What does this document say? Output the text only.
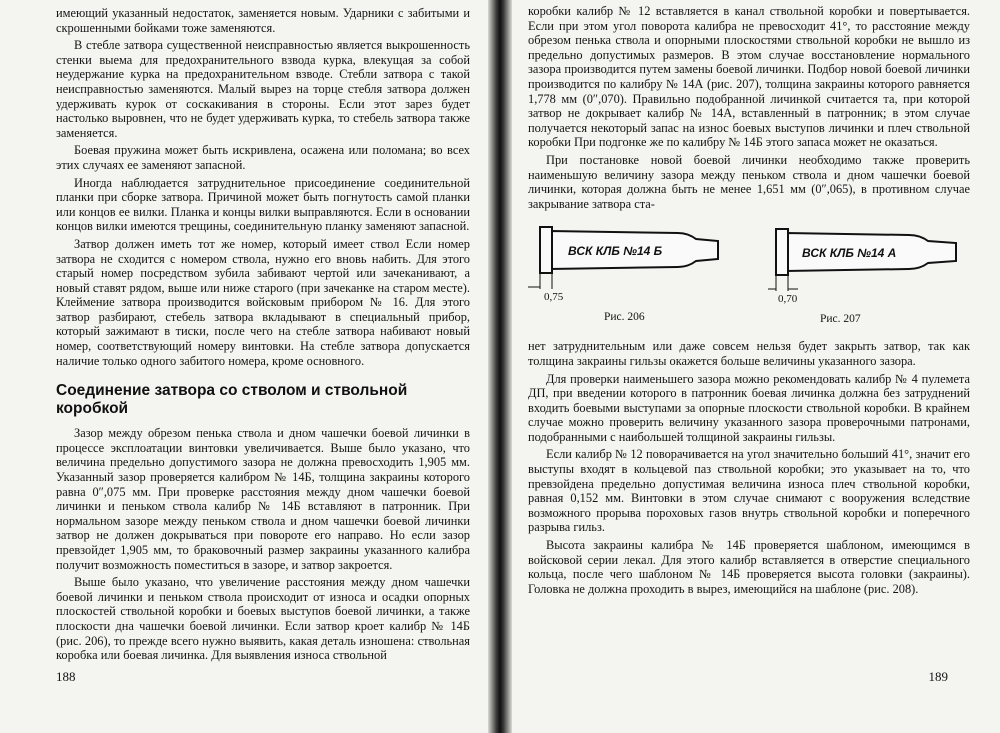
имеющий указанный недостаток, заменяется новым. Ударники с забитыми и скрошенными бойками тоже заменяются.

В стебле затвора существенной неисправностью является выкрошенность стенки выема для предохранительного взвода курка, влекущая за собой неудержание курка на предохранительном взводе. Стебли затвора с такой неисправностью заменяются. Малый вырез на торце стебля затвора должен удерживать курок от соскакивания в стороны. Если этот зарез будет настолько выровнен, что не будет удерживать курка, то стебель затвора также заменяется.

Боевая пружина может быть искривлена, осажена или поломана; во всех этих случаях ее заменяют запасной.

Иногда наблюдается затруднительное присоединение соединительной планки при сборке затвора. Причиной может быть погнутость самой планки или концов ее вилки. Планка и концы вилки выправляются. Если в основании концов вилки имеются трещины, соединительную планку заменяют запасной.

Затвор должен иметь тот же номер, который имеет ствол Если номер затвора не сходится с номером ствола, нужно его вновь набить. Для этого старый номер посредством зубила забивают чертой или зачеканивают, а новый ставят рядом, выше или ниже старого (при зачеканке на старом месте). Клеймение затвора производится войсковым прибором № 16. Для этого затвор разбирают, стебель затвора вкладывают в специальный прибор, который зажимают в тиски, после чего на стебле затвора набивают новый номер, соответствующий номеру винтовки. На стебле затвора допускается наличие только одного забитого номера, кроме основного.

Соединение затвора со стволом и ствольной коробкой

Зазор между обрезом пенька ствола и дном чашечки боевой личинки в процессе эксплоатации винтовки увеличивается. Выше было указано, что величина предельно допустимого зазора не должна превосходить 1,905 мм. Указанный зазор проверяется калибром № 14Б, толщина закраины которого равна 0″,075 мм. При проверке расстояния между дном чашечки боевой личинки и пеньком ствола калибр № 14Б вставляют в патронник. При нормальном зазоре между пеньком ствола и дном чашечки боевой личинки затвор не должен докрываться при повороте его направо. Но если зазор превзойдет 1,905 мм, то браковочный размер закраины указанного калибра получит возможность поместиться в зазоре, и затвор закроется.

Выше было указано, что увеличение расстояния между дном чашечки боевой личинки и пеньком ствола происходит от износа и осадки опорных плоскостей ствольной коробки и боевых выступов боевой личинки, а также плоскости дна чашечки боевой личинки. Если затвор кроет калибр № 14Б (рис. 206), то прежде всего нужно выявить, какая деталь изношена: ствольная коробка или боевая личинка. Для выявления износа ствольной

188

коробки калибр № 12 вставляется в канал ствольной коробки и повертывается. Если при этом угол поворота калибра не превосходит 41°, то расстояние между обрезом пенька ствола и опорными плоскостями ствольной коробки не вышло из предельно допустимых размеров. В этом случае восстановление нормального зазора производится путем замены боевой личинки. Подбор новой боевой личинки производится по калибру № 14А (рис. 207), толщина закраины которого равняется 1,778 мм (0″,070). Правильно подобранной личинкой считается та, при которой затвор не докрывает калибр № 14А, вставленный в патронник; в этом случае получается некоторый запас на износ боевых выступов личинки и плеч ствольной коробки При подгонке же по калибру № 14Б этого запаса может не оказаться.

При постановке новой боевой личинки необходимо также проверить наименьшую величину зазора между пеньком ствола и дном чашечки боевой личинки, которая должна быть не менее 1,651 мм (0″,065), в противном случае закрывание затвора ста-

ВСК КЛБ №14 Б
0,75
Рис. 206
ВСК КЛБ №14 А
0,70
Рис. 207

нет затруднительным или даже совсем нельзя будет закрыть затвор, так как толщина закраины гильзы окажется больше величины указанного зазора.

Для проверки наименьшего зазора можно рекомендовать калибр № 4 пулемета ДП, при введении которого в патронник боевая личинка должна без затруднений входить боевыми выступами за опорные плоскости ствольной коробки. В крайнем случае можно проверить величину указанного зазора проверочными патронами, подобранными с наибольшей толщиной закраины гильзы.

Если калибр № 12 поворачивается на угол значительно больший 41°, значит его выступы входят в кольцевой паз ствольной коробки; это указывает на то, что превзойдена предельно допустимая величина износа плеч ствольной коробки, равная 0,152 мм. Винтовки в этом случае снимают с вооружения вследствие возможного прорыва пороховых газов внутрь ствольной коробки и поперечного разрыва гильз.

Высота закраины калибра № 14Б проверяется шаблоном, имеющимся в войсковой серии лекал. Для этого калибр вставляется в отверстие специального кольца, после чего шаблоном № 14Б проверяется высота головки (закраины). Головка не должна проходить в вырез, имеющийся на шаблоне (рис. 208).

189
